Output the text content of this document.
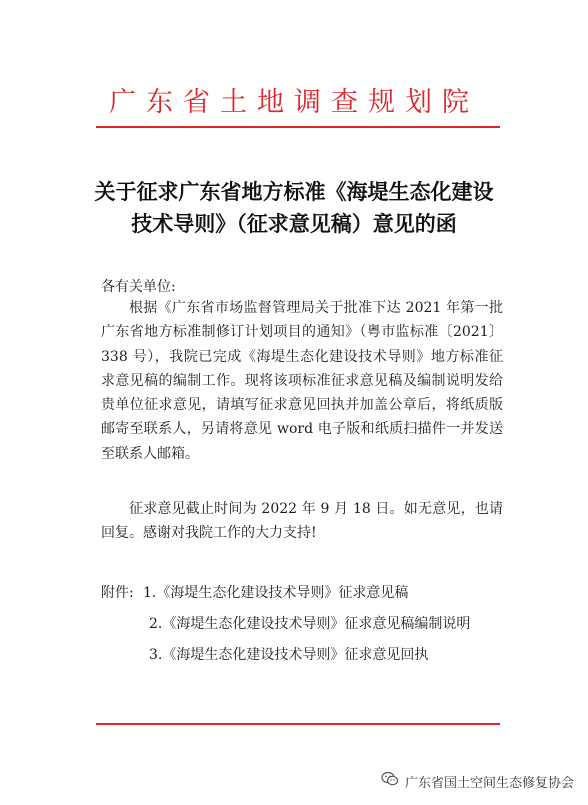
广东省土地调查规划院
关于征求广东省地方标准《海堤生态化建设
技术导则》（征求意见稿）意见的函
各有关单位:
根据《广东省市场监督管理局关于批准下达 2021 年第一批广东省地方标准制修订计划项目的通知》（粤市监标准〔2021〕338 号），我院已完成《海堤生态化建设技术导则》地方标准征求意见稿的编制工作。现将该项标准征求意见稿及编制说明发给贵单位征求意见，请填写征求意见回执并加盖公章后，将纸质版邮寄至联系人，另请将意见 word 电子版和纸质扫描件一并发送至联系人邮箱。
征求意见截止时间为 2022 年 9 月 18 日。如无意见，也请回复。感谢对我院工作的大力支持!
附件: 1.《海堤生态化建设技术导则》征求意见稿
2.《海堤生态化建设技术导则》征求意见稿编制说明
3.《海堤生态化建设技术导则》征求意见回执
广东省国土空间生态修复协会
